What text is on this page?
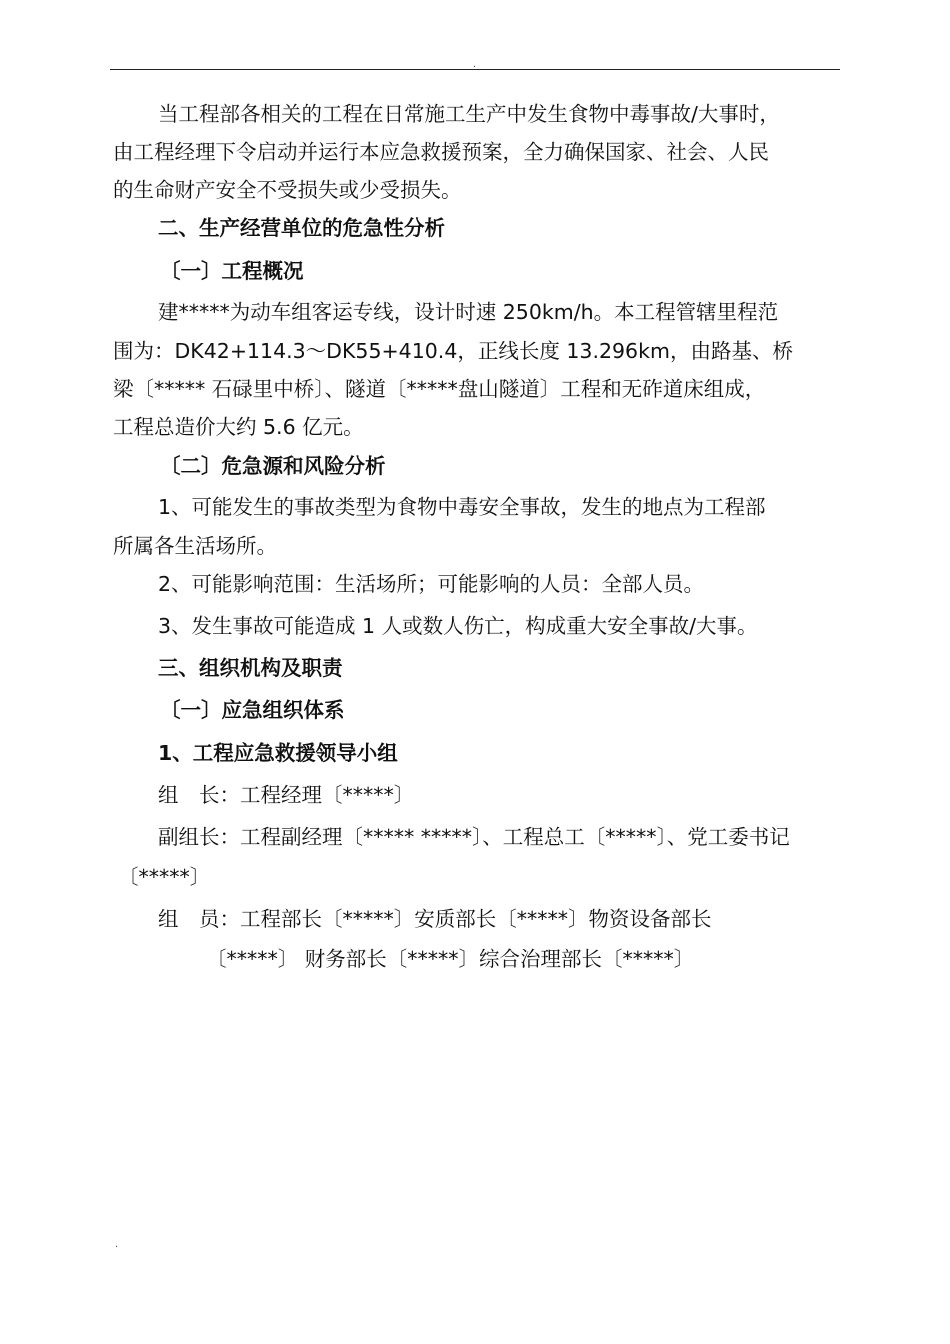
.
当工程部各相关的工程在日常施工生产中发生食物中毒事故/大事时，
由工程经理下令启动并运行本应急救援预案，全力确保国家、社会、人民
的生命财产安全不受损失或少受损失。
二、生产经营单位的危急性分析
〔一〕工程概况
建*****为动车组客运专线，设计时速 250km/h。本工程管辖里程范
围为：DK42+114.3～DK55+410.4，正线长度 13.296km，由路基、桥
梁〔***** 石碌里中桥〕、隧道〔*****盘山隧道〕工程和无砟道床组成，
工程总造价大约 5.6 亿元。
〔二〕危急源和风险分析
1、可能发生的事故类型为食物中毒安全事故，发生的地点为工程部
所属各生活场所。
2、可能影响范围：生活场所；可能影响的人员：全部人员。
3、发生事故可能造成 1 人或数人伤亡，构成重大安全事故/大事。
三、组织机构及职责
〔一〕应急组织体系
1、工程应急救援领导小组
组　长：工程经理〔*****〕
副组长：工程副经理〔***** *****〕、工程总工〔*****〕、党工委书记
〔*****〕
组　员：工程部长〔*****〕安质部长〔*****〕物资设备部长
〔*****〕 财务部长〔*****〕综合治理部长〔*****〕
.
